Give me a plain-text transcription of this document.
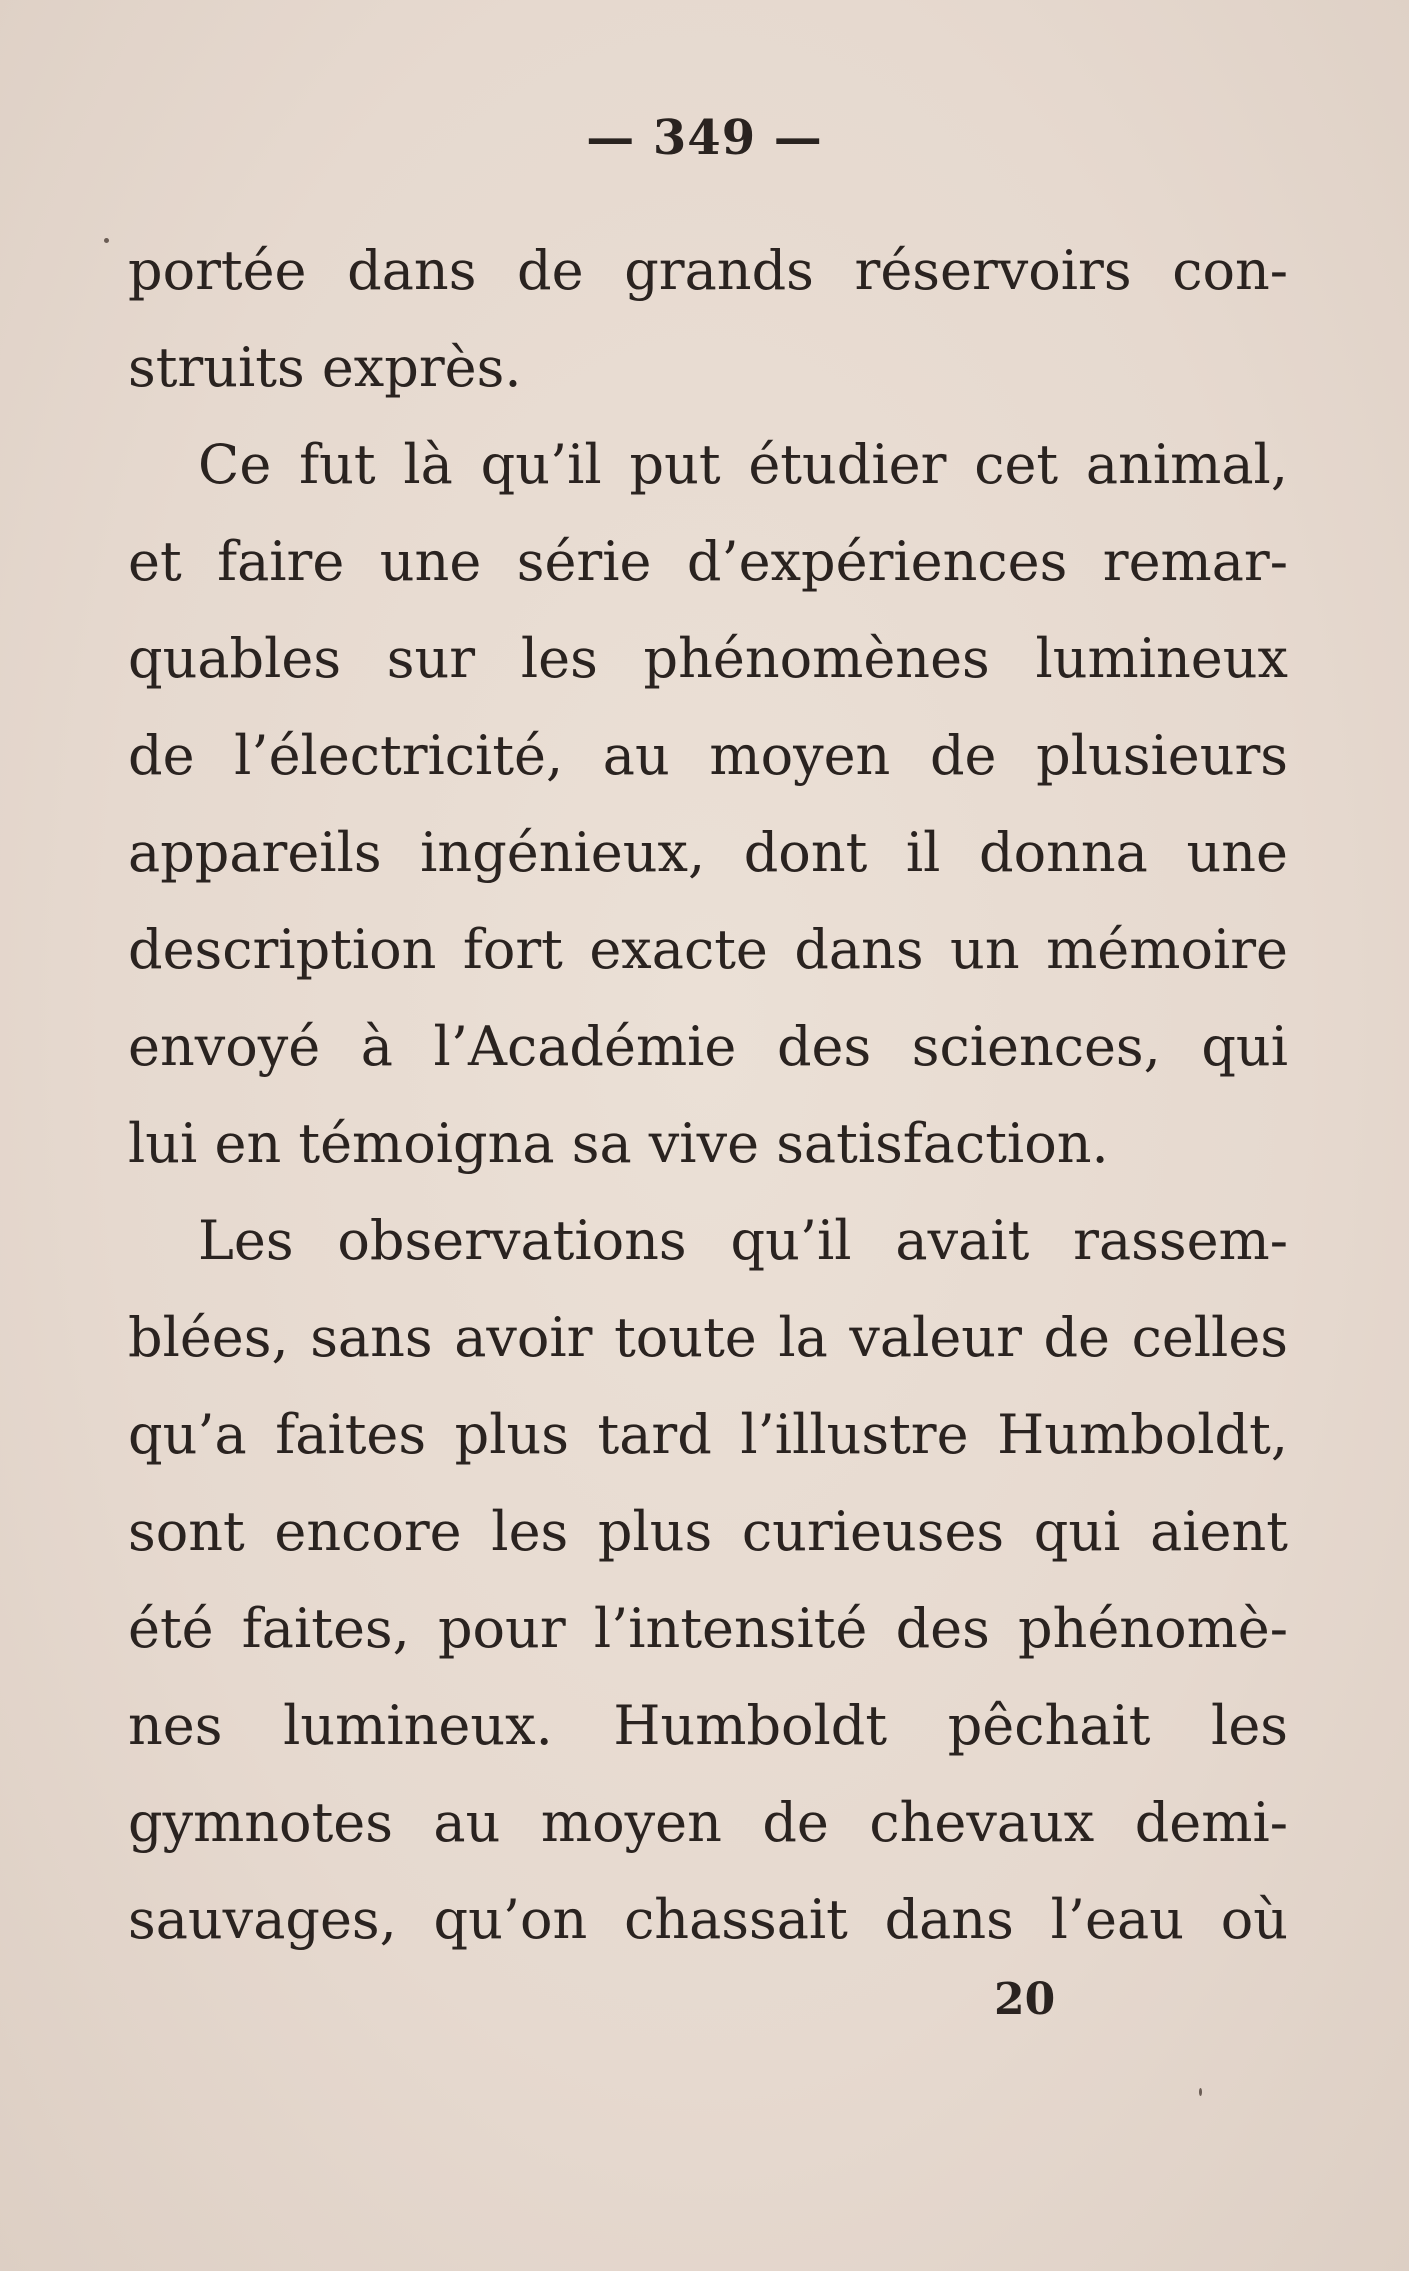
— 349 —
portée dans de grands réservoirs con-
struits exprès.
Ce fut là qu’il put étudier cet animal,
et faire une série d’expériences remar-
quables sur les phénomènes lumineux
de l’électricité, au moyen de plusieurs
appareils ingénieux, dont il donna une
description fort exacte dans un mémoire
envoyé à l’Académie des sciences, qui
lui en témoigna sa vive satisfaction.
Les observations qu’il avait rassem-
blées, sans avoir toute la valeur de celles
qu’a faites plus tard l’illustre Humboldt,
sont encore les plus curieuses qui aient
été faites, pour l’intensité des phénomè-
nes lumineux. Humboldt pêchait les
gymnotes au moyen de chevaux demi-
sauvages, qu’on chassait dans l’eau où
20
